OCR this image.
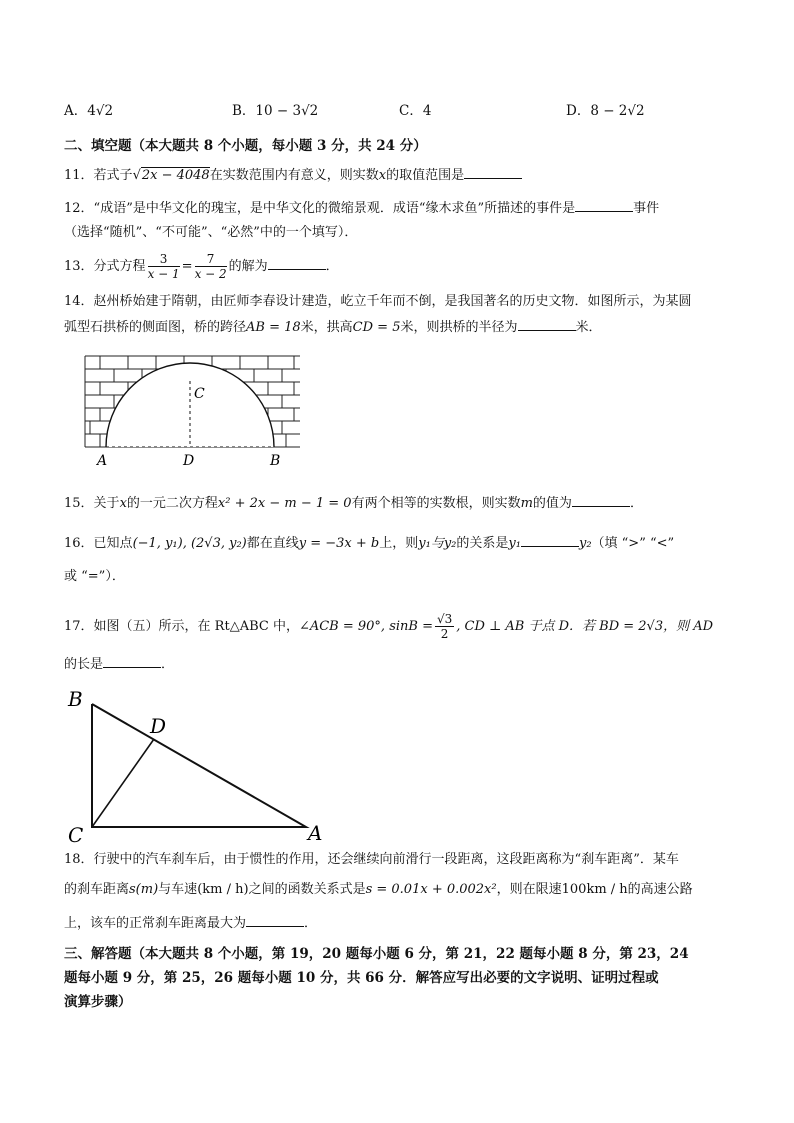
A．4√2	B．10 − 3√2	C．4	D．8 − 2√2
二、填空题（本大题共 8 个小题，每小题 3 分，共 24 分）
11．若式子√2x − 4048在实数范围内有意义，则实数x的取值范围是
12．“成语”是中华文化的瑰宝，是中华文化的微缩景观．成语“缘木求鱼”所描述的事件是	事件
（选择“随机”、“不可能”、“必然”中的一个填写）．
13．分式方程 $\frac{3}{x - 1} = \frac{7}{x - 2}$ 的解为	．
14．赵州桥始建于隋朝，由匠师李春设计建造，屹立千年而不倒，是我国著名的历史文物．如图所示，为某圆
弧型石拱桥的侧面图，桥的跨径AB = 18米，拱高CD = 5米，则拱桥的半径为	米．
C
A	D	B
15．关于x的一元二次方程x² + 2x − m − 1 = 0有两个相等的实数根，则实数m的值为	．
16．已知点(−1, y₁), (2√3, y₂)都在直线y = −3x + b上，则y₁与y₂的关系是y₁	y₂（填 “>” “<”
或 “=”）．
17．如图（五）所示，在 Rt△ABC 中，∠ACB = 90°, $\sin B = \frac{√3}{2}$ , CD ⊥ AB 于点 D．若 BD = 2√3，则 AD
的长是	．
B
D
C	A
18．行驶中的汽车刹车后，由于惯性的作用，还会继续向前滑行一段距离，这段距离称为“刹车距离”．某车
的刹车距离s(m)与车速(km / h)之间的函数关系式是s = 0.01x + 0.002x²，则在限速100km / h的高速公路
上，该车的正常刹车距离最大为	．
三、解答题（本大题共 8 个小题，第 19，20 题每小题 6 分，第 21，22 题每小题 8 分，第 23，24
题每小题 9 分，第 25，26 题每小题 10 分，共 66 分．解答应写出必要的文字说明、证明过程或
演算步骤）
